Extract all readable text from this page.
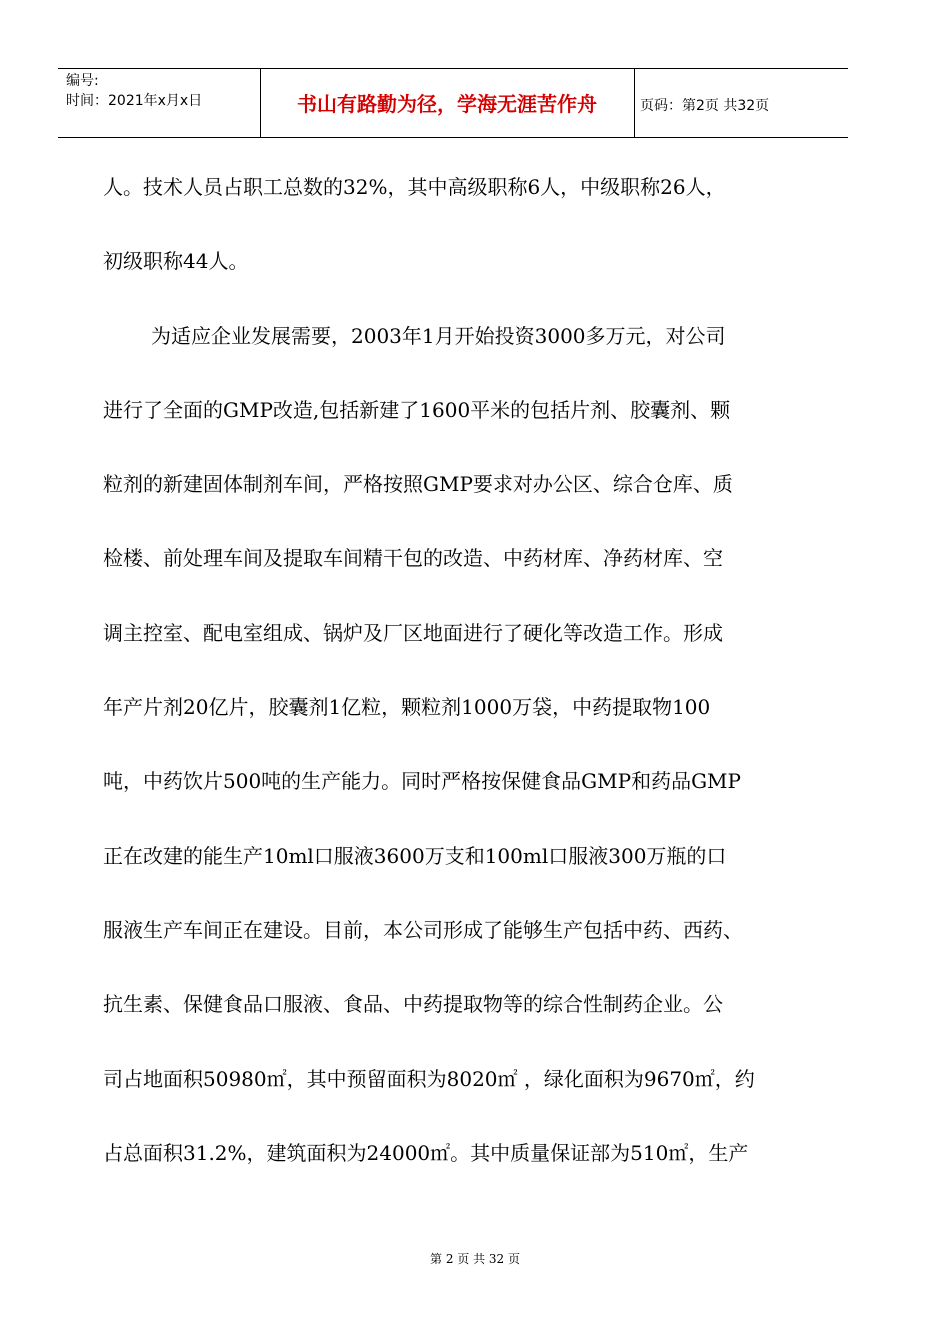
编号:
时间：2021年x月x日	书山有路勤为径，学海无涯苦作舟	页码：第2页 共32页
人。技术人员占职工总数的32%，其中高级职称6人，中级职称26人，
初级职称44人。
为适应企业发展需要，2003年1月开始投资3000多万元，对公司
进行了全面的GMP改造,包括新建了1600平米的包括片剂、胶囊剂、颗
粒剂的新建固体制剂车间，严格按照GMP要求对办公区、综合仓库、质
检楼、前处理车间及提取车间精干包的改造、中药材库、净药材库、空
调主控室、配电室组成、锅炉及厂区地面进行了硬化等改造工作。形成
年产片剂20亿片，胶囊剂1亿粒，颗粒剂1000万袋，中药提取物100
吨，中药饮片500吨的生产能力。同时严格按保健食品GMP和药品GMP
正在改建的能生产10ml口服液3600万支和100ml口服液300万瓶的口
服液生产车间正在建设。目前，本公司形成了能够生产包括中药、西药、
抗生素、保健食品口服液、食品、中药提取物等的综合性制药企业。公
司占地面积50980㎡，其中预留面积为8020㎡ ，绿化面积为9670㎡，约
占总面积31.2%，建筑面积为24000㎡。其中质量保证部为510㎡，生产
第 2 页 共 32 页
